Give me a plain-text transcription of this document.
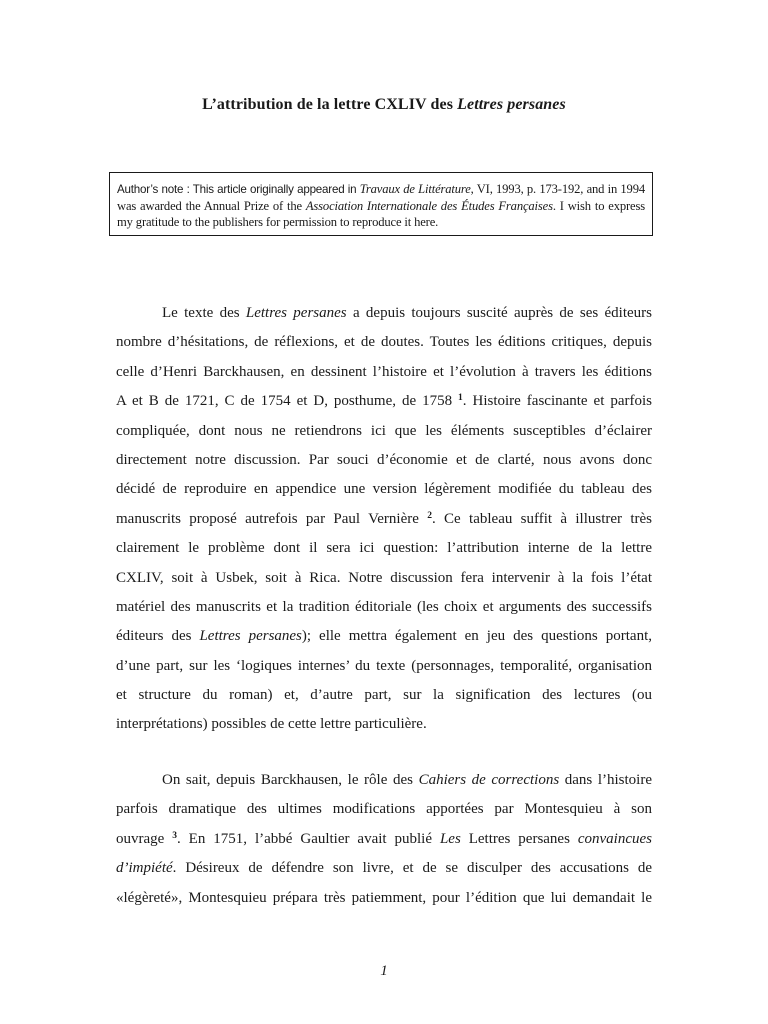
L’attribution de la lettre CXLIV des Lettres persanes
Author’s note : This article originally appeared in Travaux de Littérature, VI, 1993, p. 173-192, and in 1994 was awarded the Annual Prize of the Association Internationale des Études Françaises. I wish to express my gratitude to the publishers for permission to reproduce it here.
Le texte des Lettres persanes a depuis toujours suscité auprès de ses éditeurs
nombre d’hésitations, de réflexions, et de doutes. Toutes les éditions critiques, depuis
celle d’Henri Barckhausen, en dessinent l’histoire et l’évolution à travers les éditions
A et B de 1721, C de 1754 et D, posthume, de 1758 $^1$. Histoire fascinante et parfois
compliquée, dont nous ne retiendrons ici que les éléments susceptibles d’éclairer
directement notre discussion. Par souci d’économie et de clarté, nous avons donc
décidé de reproduire en appendice une version légèrement modifiée du tableau des
manuscrits proposé autrefois par Paul Vernière $^2$. Ce tableau suffit à illustrer très
clairement le problème dont il sera ici question: l’attribution interne de la lettre
CXLIV, soit à Usbek, soit à Rica. Notre discussion fera intervenir à la fois l’état
matériel des manuscrits et la tradition éditoriale (les choix et arguments des successifs
éditeurs des Lettres persanes); elle mettra également en jeu des questions portant,
d’une part, sur les ‘logiques internes’ du texte (personnages, temporalité, organisation
et structure du roman) et, d’autre part, sur la signification des lectures (ou
interprétations) possibles de cette lettre particulière.
On sait, depuis Barckhausen, le rôle des Cahiers de corrections dans l’histoire
parfois dramatique des ultimes modifications apportées par Montesquieu à son
ouvrage $^3$. En 1751, l’abbé Gaultier avait publié Les Lettres persanes convaincues
d’impiété. Désireux de défendre son livre, et de se disculper des accusations de
«légèreté», Montesquieu prépara très patiemment, pour l’édition que lui demandait le
1
